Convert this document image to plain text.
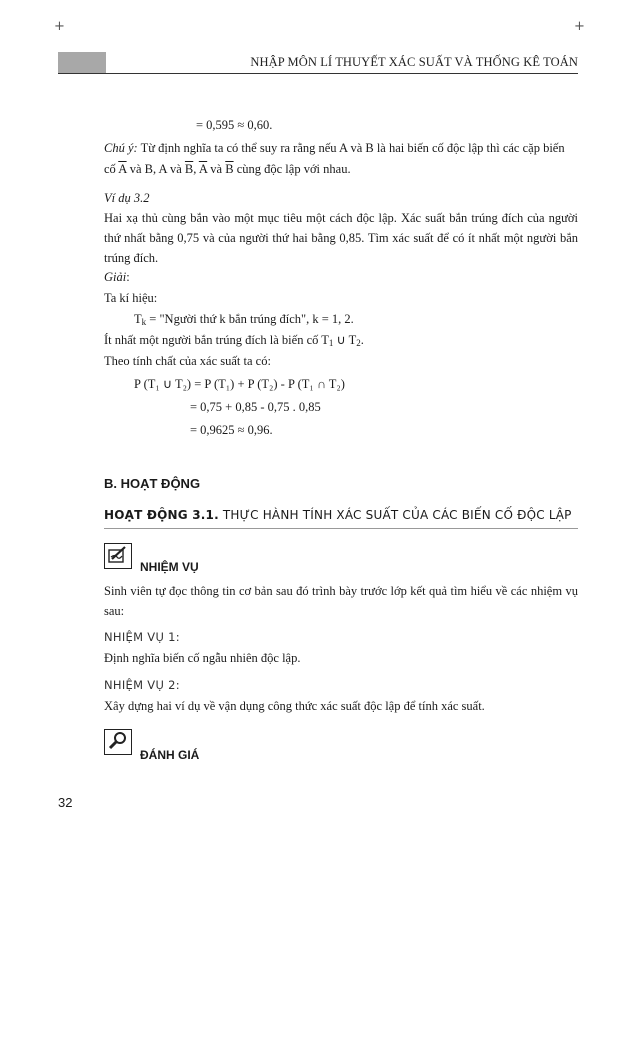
+	+
NHẬP MÔN LÍ THUYẾT XÁC SUẤT VÀ THỐNG KÊ TOÁN
= 0,595 ≈ 0,60.
Chú ý: Từ định nghĩa ta có thể suy ra rằng nếu A và B là hai biến cố độc lập thì các cặp biến
cố $\overline{A}$ và B, A và $\overline{B}$, $\overline{A}$ và $\overline{B}$ cùng độc lập với nhau.
Ví dụ 3.2
Hai xạ thủ cùng bắn vào một mục tiêu một cách độc lập. Xác suất bắn trúng đích của người thứ nhất bằng 0,75 và của người thứ hai bằng 0,85. Tìm xác suất để có ít nhất một người bắn trúng đích.
Giải:
Ta kí hiệu:
$T_k$ = "Người thứ k bắn trúng đích", k = 1, 2.
Ít nhất một người bắn trúng đích là biến cố $T_1$ ∪ $T_2$.
Theo tính chất của xác suất ta có:
P (T₁ ∪ T₂) = P (T₁) + P (T₂) - P (T₁ ∩ T₂)
= 0,75 + 0,85 - 0,75 . 0,85
= 0,9625 ≈ 0,96.
B. HOẠT ĐỘNG
HOẠT ĐỘNG 3.1. THỰC HÀNH TÍNH XÁC SUẤT CỦA CÁC BIẾN CỐ ĐỘC LẬP
NHIỆM VỤ
Sinh viên tự đọc thông tin cơ bản sau đó trình bày trước lớp kết quả tìm hiểu về các nhiệm vụ sau:
NHIỆM VỤ 1:
Định nghĩa biến cố ngẫu nhiên độc lập.
NHIỆM VỤ 2:
Xây dựng hai ví dụ về vận dụng công thức xác suất độc lập để tính xác suất.
ĐÁNH GIÁ
32
